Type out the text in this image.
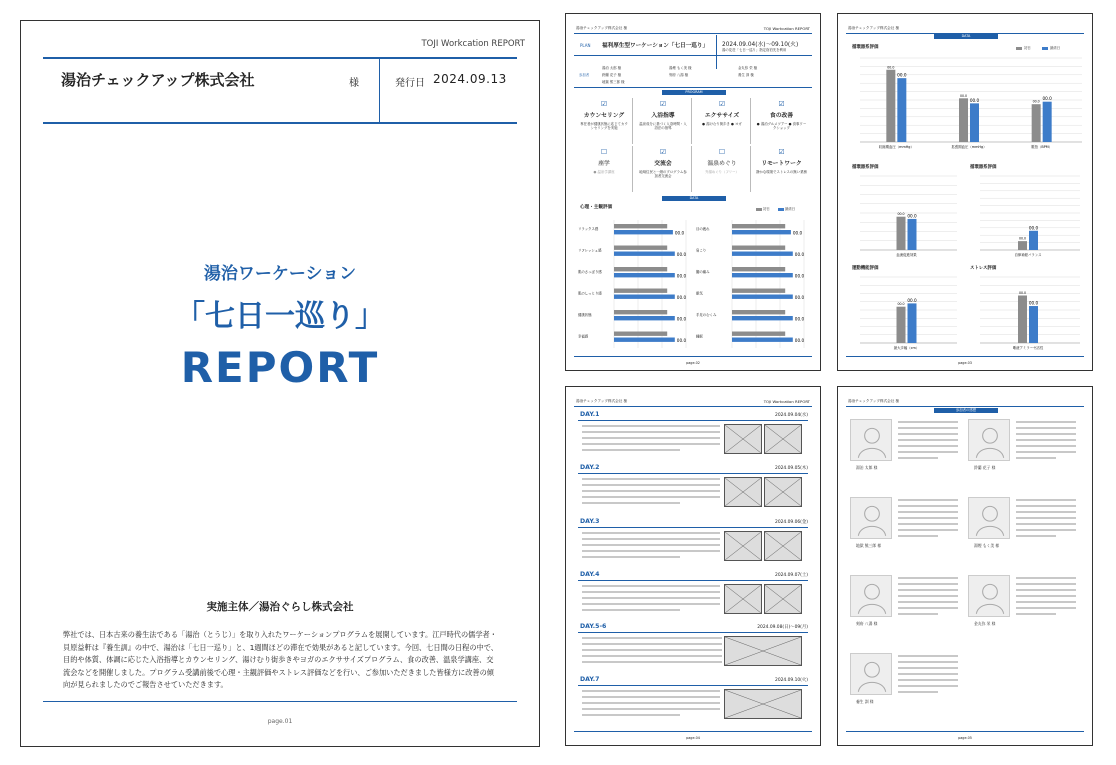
TOJI Workcation REPORT
湯治チェックアップ株式会社	様	発行日 2024.09.13
湯治ワーケーション
「七日一巡り」
REPORT
実施主体／湯治ぐらし株式会社
弊社では、日本古来の養生法である「湯治（とうじ）」を取り入れたワーケーションプログラムを展開しています。江戸時代の儒学者・貝原益軒は『養生訓』の中で、湯治は「七日一巡り」と、1週間ほどの滞在で効果があると記しています。今回、七日間の日程の中で、目的や体質、体調に応じた入浴指導とカウンセリング、湯けむり街歩きやヨガのエクササイズプログラム、食の改善、温泉学講座、交流会などを開催しました。プログラム受講前後で心理・主観評価やストレス評価などを行い、ご参加いただきました皆様方に改善の傾向が見られましたのでご報告させていただきます。
page.01
湯治チェックアップ株式会社 様	TOJI Workcation REPORT
PLAN 福利厚生型ワーケーション「七日一巡り」 2024.09.04(水)～09.10(火)
湯の花荘「七日一巡り」指定宿泊先を利用
参加者
湯治 太郎 様
鈴蘭 花子 様
地獄 熊三郎 様
湯煙 もく美 様
刻府 八湯 様
金丸弥 栄 様
養生 訓 様
PROGRAM
☑
カウンセリング
専任者が健康状態に応じてカウンセリングを実施
☑
入浴指導
温泉成分に基づく入浴時間・入浴法の指導
☑
エクササイズ
● 湯けむり街歩き ● ヨガ
☑
食の改善
● 湯治グルメツアー ● 食事ワークショップ
☐
座学
● 温泉学講座
☑
交流会
地域住民と一緒のプログラム参加者交流会
☐
温泉めぐり
外湯めぐり（フリー）
☑
リモートワーク
静かな環境でストレスの無い業務
DATA
心理・主観評価	初日	最終日
リラックス感
00.0
リフレッシュ感
00.0
肌のさっぱり感
00.0
肌のしっとり感
00.0
健康状態
00.0
幸福感
00.0
目の疲れ
00.0
肩こり
00.0
腰の痛み
00.0
眠気
00.0
手足のむくみ
00.0
睡眠
00.0
page.02
湯治チェックアップ株式会社 様
DATA
循環器系評価	初日	最終日
00.0
00.0
収縮期血圧（mmHg）
00.0
00.0
拡張期血圧（mmHg）
00.0
00.0
脈拍（BPM）
循環器系評価
00.0 00.0
血流促進効果
循環器系評価
00.0
00.0
自律神経バランス
運動機能評価
00.0
00.0
最大歩幅（cm）
ストレス評価
00.0
00.0
唾液アミラーゼ活性
page.03
湯治チェックアップ株式会社 様	TOJI Workcation REPORT
DAY.1	2024.09.04(水)
DAY.2	2024.09.05(木)
DAY.3	2024.09.06(金)
DAY.4	2024.09.07(土)
DAY.5-6	2024.09.08(日)～09(月)
DAY.7	2024.09.10(火)
page.04
湯治チェックアップ株式会社 様
参加者の感想
湯治 太郎 様	鈴蘭 花子 様
地獄 熊三郎 様	湯煙 もく美 様
刻府 八湯 様	金丸弥 栄 様
養生 訓 様
page.05
